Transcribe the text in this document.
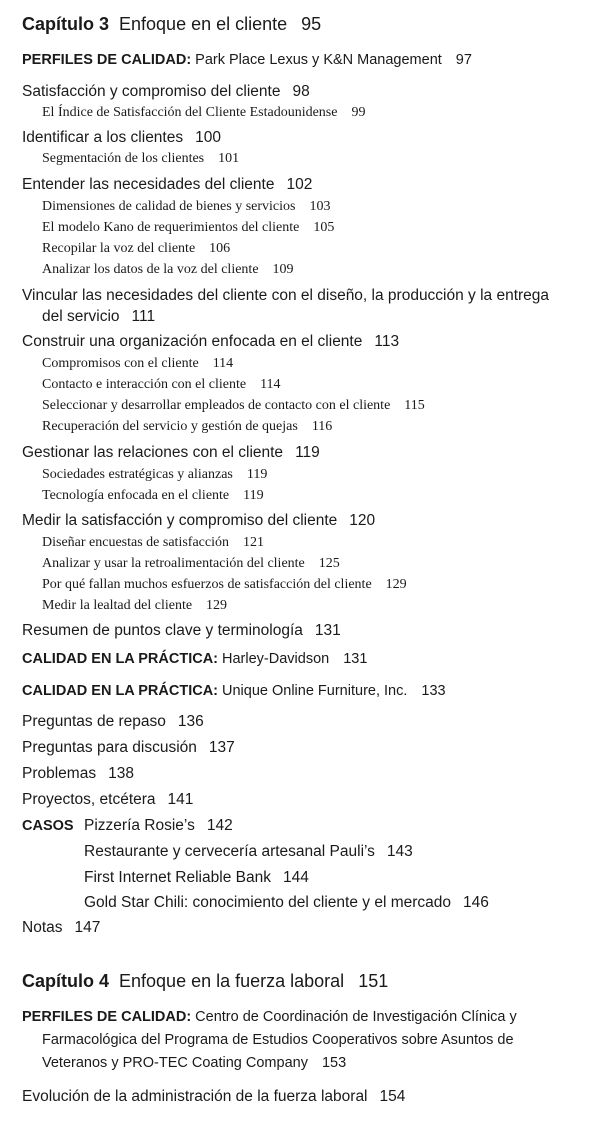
Capítulo 3 Enfoque en el cliente 95
PERFILES DE CALIDAD: Park Place Lexus y K&N Management 97
Satisfacción y compromiso del cliente 98
El Índice de Satisfacción del Cliente Estadounidense 99
Identificar a los clientes 100
Segmentación de los clientes 101
Entender las necesidades del cliente 102
Dimensiones de calidad de bienes y servicios 103
El modelo Kano de requerimientos del cliente 105
Recopilar la voz del cliente 106
Analizar los datos de la voz del cliente 109
Vincular las necesidades del cliente con el diseño, la producción y la entrega
del servicio 111
Construir una organización enfocada en el cliente 113
Compromisos con el cliente 114
Contacto e interacción con el cliente 114
Seleccionar y desarrollar empleados de contacto con el cliente 115
Recuperación del servicio y gestión de quejas 116
Gestionar las relaciones con el cliente 119
Sociedades estratégicas y alianzas 119
Tecnología enfocada en el cliente 119
Medir la satisfacción y compromiso del cliente 120
Diseñar encuestas de satisfacción 121
Analizar y usar la retroalimentación del cliente 125
Por qué fallan muchos esfuerzos de satisfacción del cliente 129
Medir la lealtad del cliente 129
Resumen de puntos clave y terminología 131
CALIDAD EN LA PRÁCTICA: Harley-Davidson 131
CALIDAD EN LA PRÁCTICA: Unique Online Furniture, Inc. 133
Preguntas de repaso 136
Preguntas para discusión 137
Problemas 138
Proyectos, etcétera 141
CASOS Pizzería Rosie’s 142
Restaurante y cervecería artesanal Pauli’s 143
First Internet Reliable Bank 144
Gold Star Chili: conocimiento del cliente y el mercado 146
Notas 147
Capítulo 4 Enfoque en la fuerza laboral 151
PERFILES DE CALIDAD: Centro de Coordinación de Investigación Clínica y
Farmacológica del Programa de Estudios Cooperativos sobre Asuntos de
Veteranos y PRO-TEC Coating Company 153
Evolución de la administración de la fuerza laboral 154
